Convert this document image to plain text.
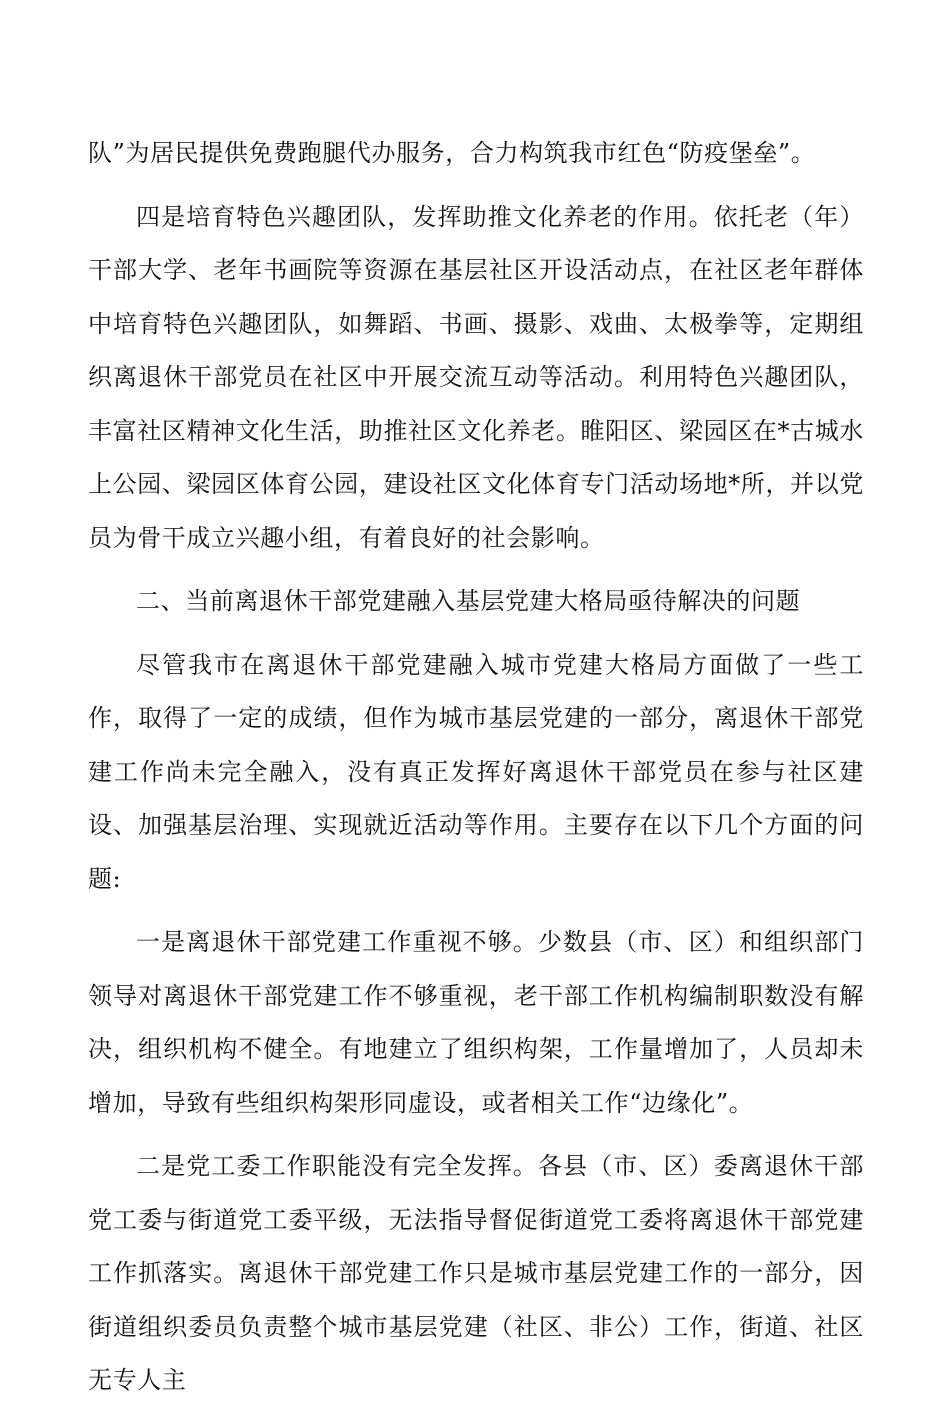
队”为居民提供免费跑腿代办服务，合力构筑我市红色“防疫堡垒”。

四是培育特色兴趣团队，发挥助推文化养老的作用。依托老（年）干部大学、老年书画院等资源在基层社区开设活动点，在社区老年群体中培育特色兴趣团队，如舞蹈、书画、摄影、戏曲、太极拳等，定期组织离退休干部党员在社区中开展交流互动等活动。利用特色兴趣团队，丰富社区精神文化生活，助推社区文化养老。睢阳区、梁园区在*古城水上公园、梁园区体育公园，建设社区文化体育专门活动场地*所，并以党员为骨干成立兴趣小组，有着良好的社会影响。

二、当前离退休干部党建融入基层党建大格局亟待解决的问题

尽管我市在离退休干部党建融入城市党建大格局方面做了一些工作，取得了一定的成绩，但作为城市基层党建的一部分，离退休干部党建工作尚未完全融入，没有真正发挥好离退休干部党员在参与社区建设、加强基层治理、实现就近活动等作用。主要存在以下几个方面的问题:

一是离退休干部党建工作重视不够。少数县（市、区）和组织部门领导对离退休干部党建工作不够重视，老干部工作机构编制职数没有解决，组织机构不健全。有地建立了组织构架，工作量增加了，人员却未增加，导致有些组织构架形同虚设，或者相关工作“边缘化”。

二是党工委工作职能没有完全发挥。各县（市、区）委离退休干部党工委与街道党工委平级，无法指导督促街道党工委将离退休干部党建工作抓落实。离退休干部党建工作只是城市基层党建工作的一部分，因街道组织委员负责整个城市基层党建（社区、非公）工作，街道、社区无专人主
